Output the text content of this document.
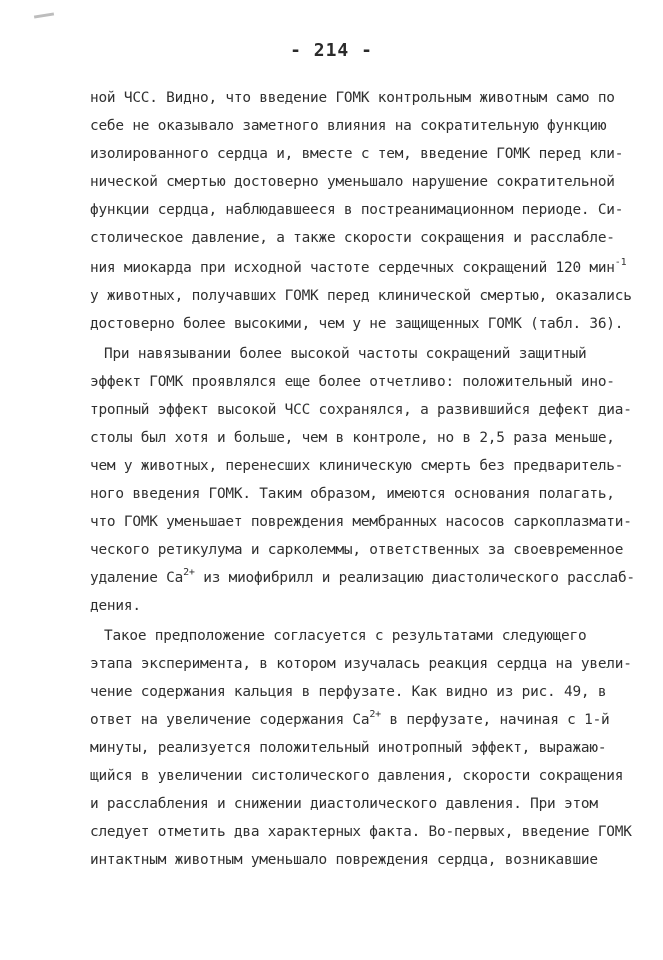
- 214 -
ной ЧСС. Видно, что введение ГОМК контрольным животным само по
себе не оказывало заметного влияния на сократительную функцию
изолированного сердца и, вместе с тем, введение ГОМК перед кли-
нической смертью достоверно уменьшало нарушение сократительной
функции сердца, наблюдавшееся в постреанимационном периоде. Си-
столическое давление, а также скорости сокращения и расслабле-
ния миокарда при исходной частоте сердечных сокращений 120 мин$^{-1}$
у животных, получавших ГОМК перед клинической смертью, оказались
достоверно более высокими, чем у не защищенных ГОМК (табл. 36).
При навязывании более высокой частоты сокращений защитный
эффект ГОМК проявлялся еще более отчетливо: положительный ино-
тропный эффект высокой ЧСС сохранялся, а развившийся дефект диа-
столы был хотя и больше, чем в контроле, но в 2,5 раза меньше,
чем у животных, перенесших клиническую смерть без предваритель-
ного введения ГОМК. Таким образом, имеются основания полагать,
что ГОМК уменьшает повреждения мембранных насосов саркоплазмати-
ческого ретикулума и сарколеммы, ответственных за своевременное
удаление $Ca^{2+}$ из миофибрилл и реализацию диастолического расслаб-
дения.
Такое предположение согласуется с результатами следующего
этапа эксперимента, в котором изучалась реакция сердца на увели-
чение содержания кальция в перфузате. Как видно из рис. 49, в
ответ на увеличение содержания $Ca^{2+}$ в перфузате, начиная с 1-й
минуты, реализуется положительный инотропный эффект, выражаю-
щийся в увеличении систолического давления, скорости сокращения
и расслабления и снижении диастолического давления. При этом
следует отметить два характерных факта. Во-первых, введение ГОМК
интактным животным уменьшало повреждения сердца, возникавшие
